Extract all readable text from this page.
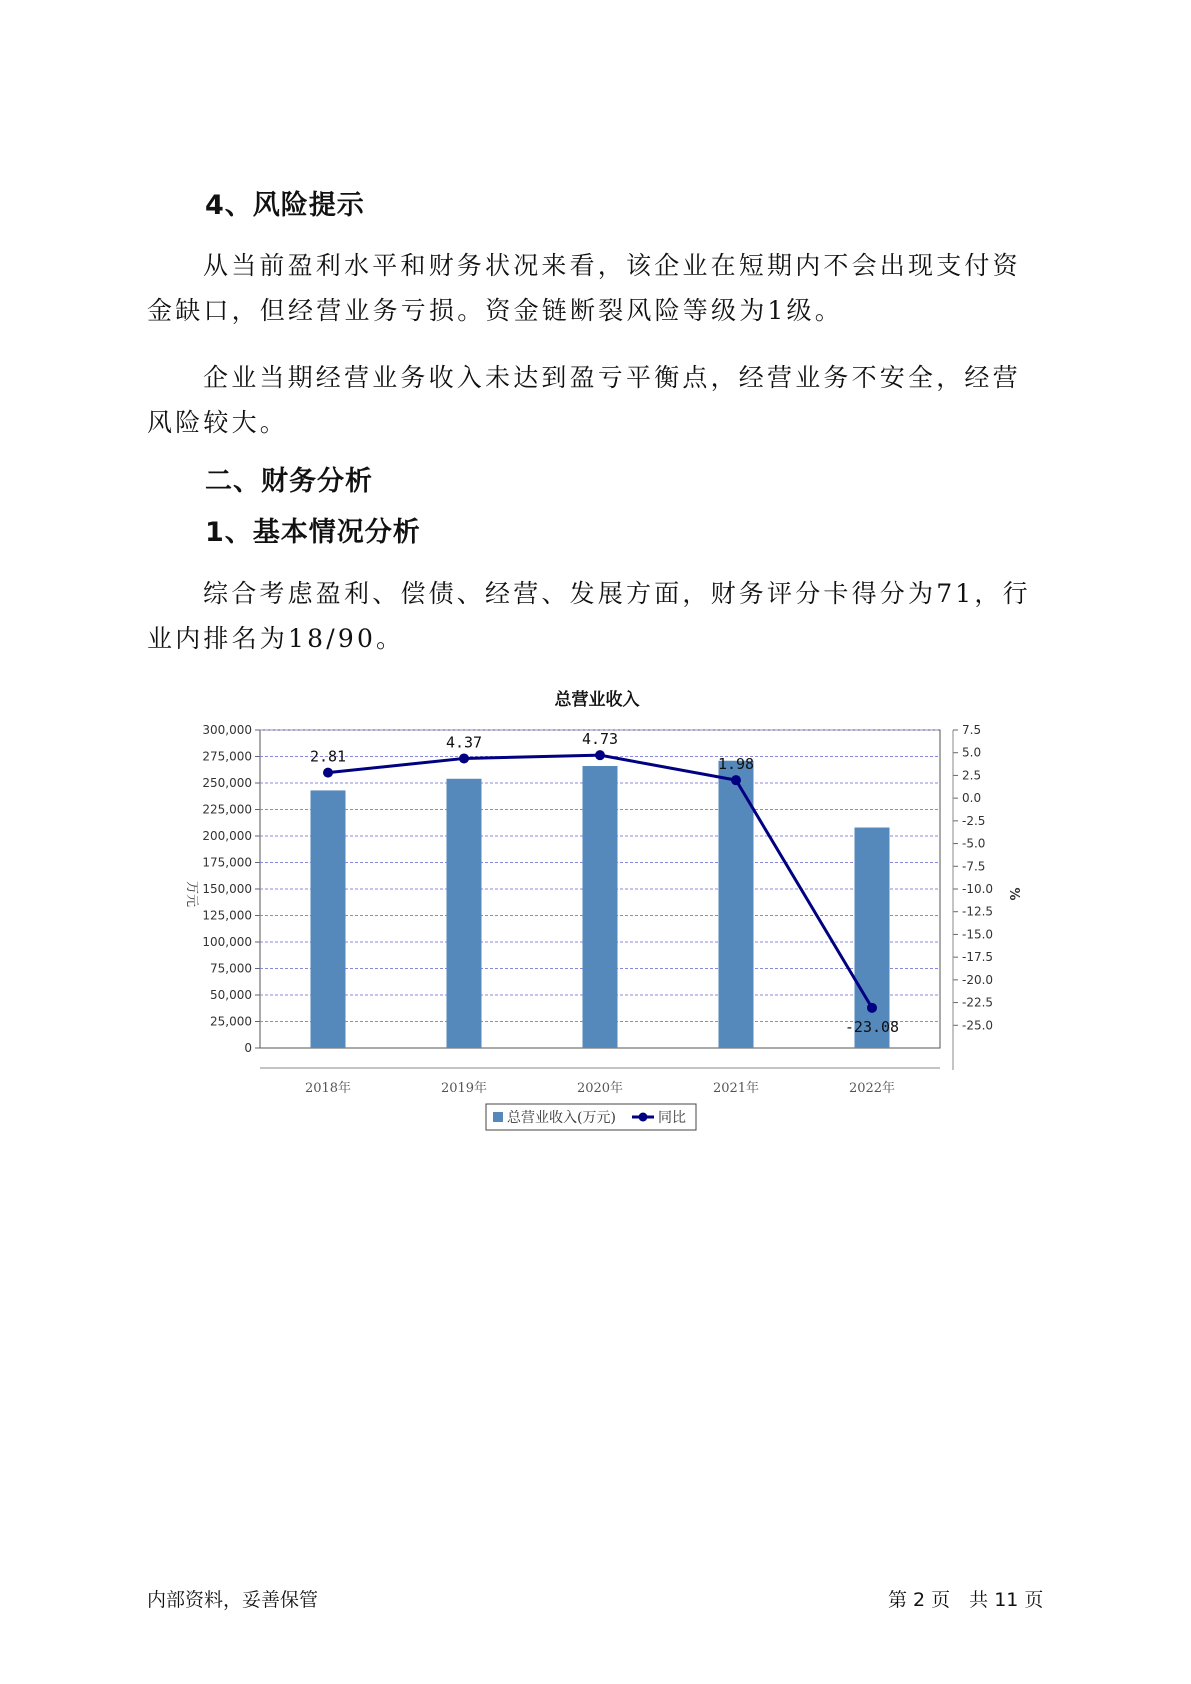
4、风险提示

从当前盈利水平和财务状况来看，该企业在短期内不会出现支付资金缺口，但经营业务亏损。资金链断裂风险等级为1级。

企业当期经营业务收入未达到盈亏平衡点，经营业务不安全，经营风险较大。

二、财务分析
1、基本情况分析

综合考虑盈利、偿债、经营、发展方面，财务评分卡得分为71，行业内排名为18/90。

总营业收入
0
25,000
50,000
75,000
100,000
125,000
150,000
175,000
200,000
225,000
250,000
275,000
300,000	7.5
5.0
2.5
0.0
-2.5
-5.0
-7.5
-10.0
-12.5
-15.0
-17.5
-20.0
-22.5
-25.0
2018年	2019年	2020年	2021年	2022年
2.81
4.37	4.73
1.98
-23.08
万元	%
总营业收入(万元)	同比
内部资料，妥善保管	第 2 页　共 11 页
